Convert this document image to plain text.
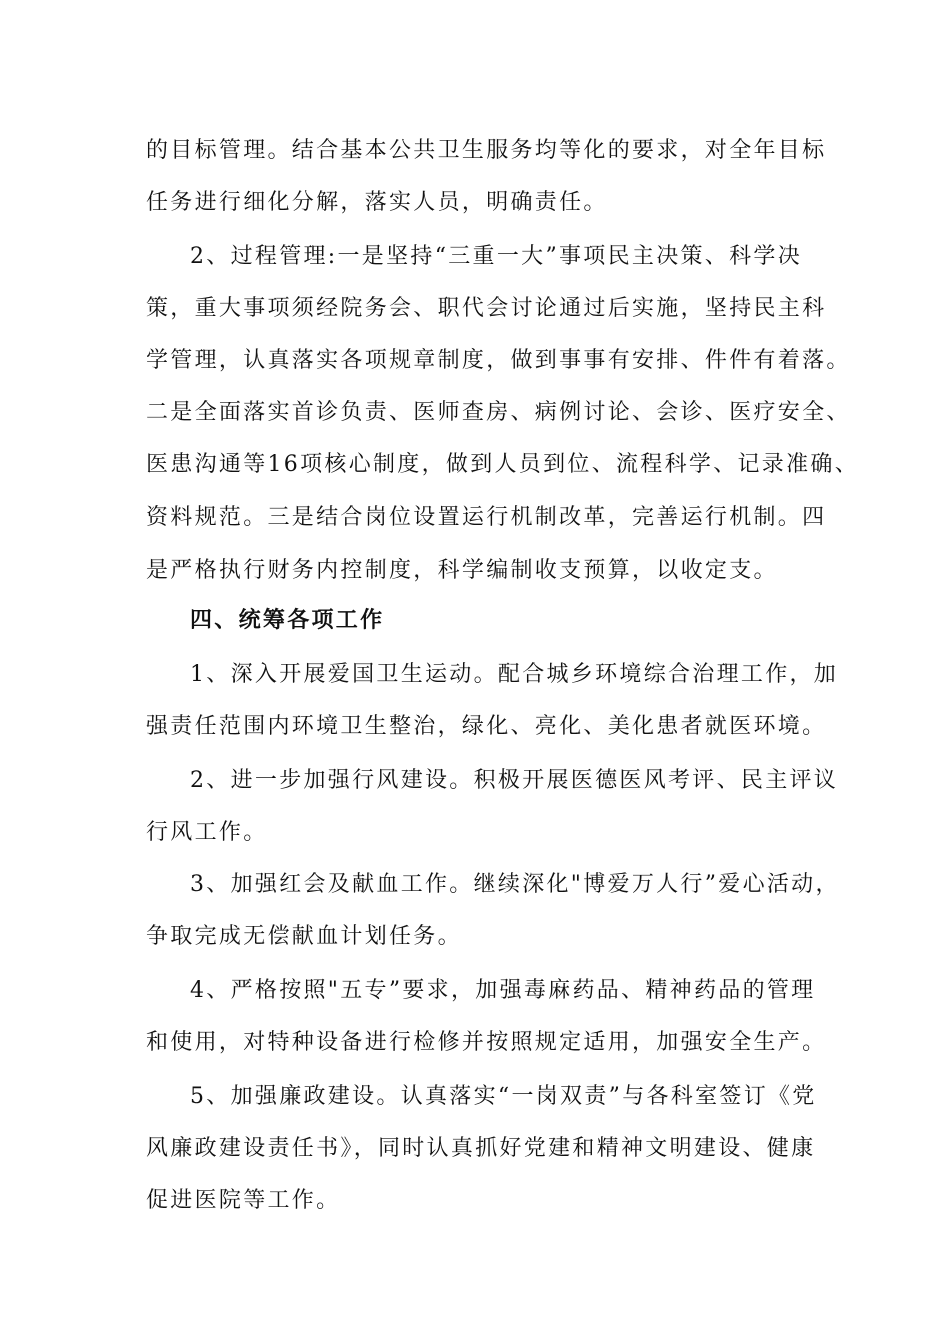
的目标管理。结合基本公共卫生服务均等化的要求，对全年目标
任务进行细化分解，落实人员，明确责任。
2、过程管理:一是坚持“三重一大”事项民主决策、科学决
策，重大事项须经院务会、职代会讨论通过后实施，坚持民主科
学管理，认真落实各项规章制度，做到事事有安排、件件有着落。
二是全面落实首诊负责、医师查房、病例讨论、会诊、医疗安全、
医患沟通等16项核心制度，做到人员到位、流程科学、记录准确、
资料规范。三是结合岗位设置运行机制改革，完善运行机制。四
是严格执行财务内控制度，科学编制收支预算，以收定支。
四、统筹各项工作
1、深入开展爱国卫生运动。配合城乡环境综合治理工作，加
强责任范围内环境卫生整治，绿化、亮化、美化患者就医环境。
2、进一步加强行风建设。积极开展医德医风考评、民主评议
行风工作。
3、加强红会及献血工作。继续深化"博爱万人行”爱心活动，
争取完成无偿献血计划任务。
4、严格按照"五专”要求，加强毒麻药品、精神药品的管理
和使用，对特种设备进行检修并按照规定适用，加强安全生产。
5、加强廉政建设。认真落实“一岗双责”与各科室签订《党
风廉政建设责任书》，同时认真抓好党建和精神文明建设、健康
促进医院等工作。
